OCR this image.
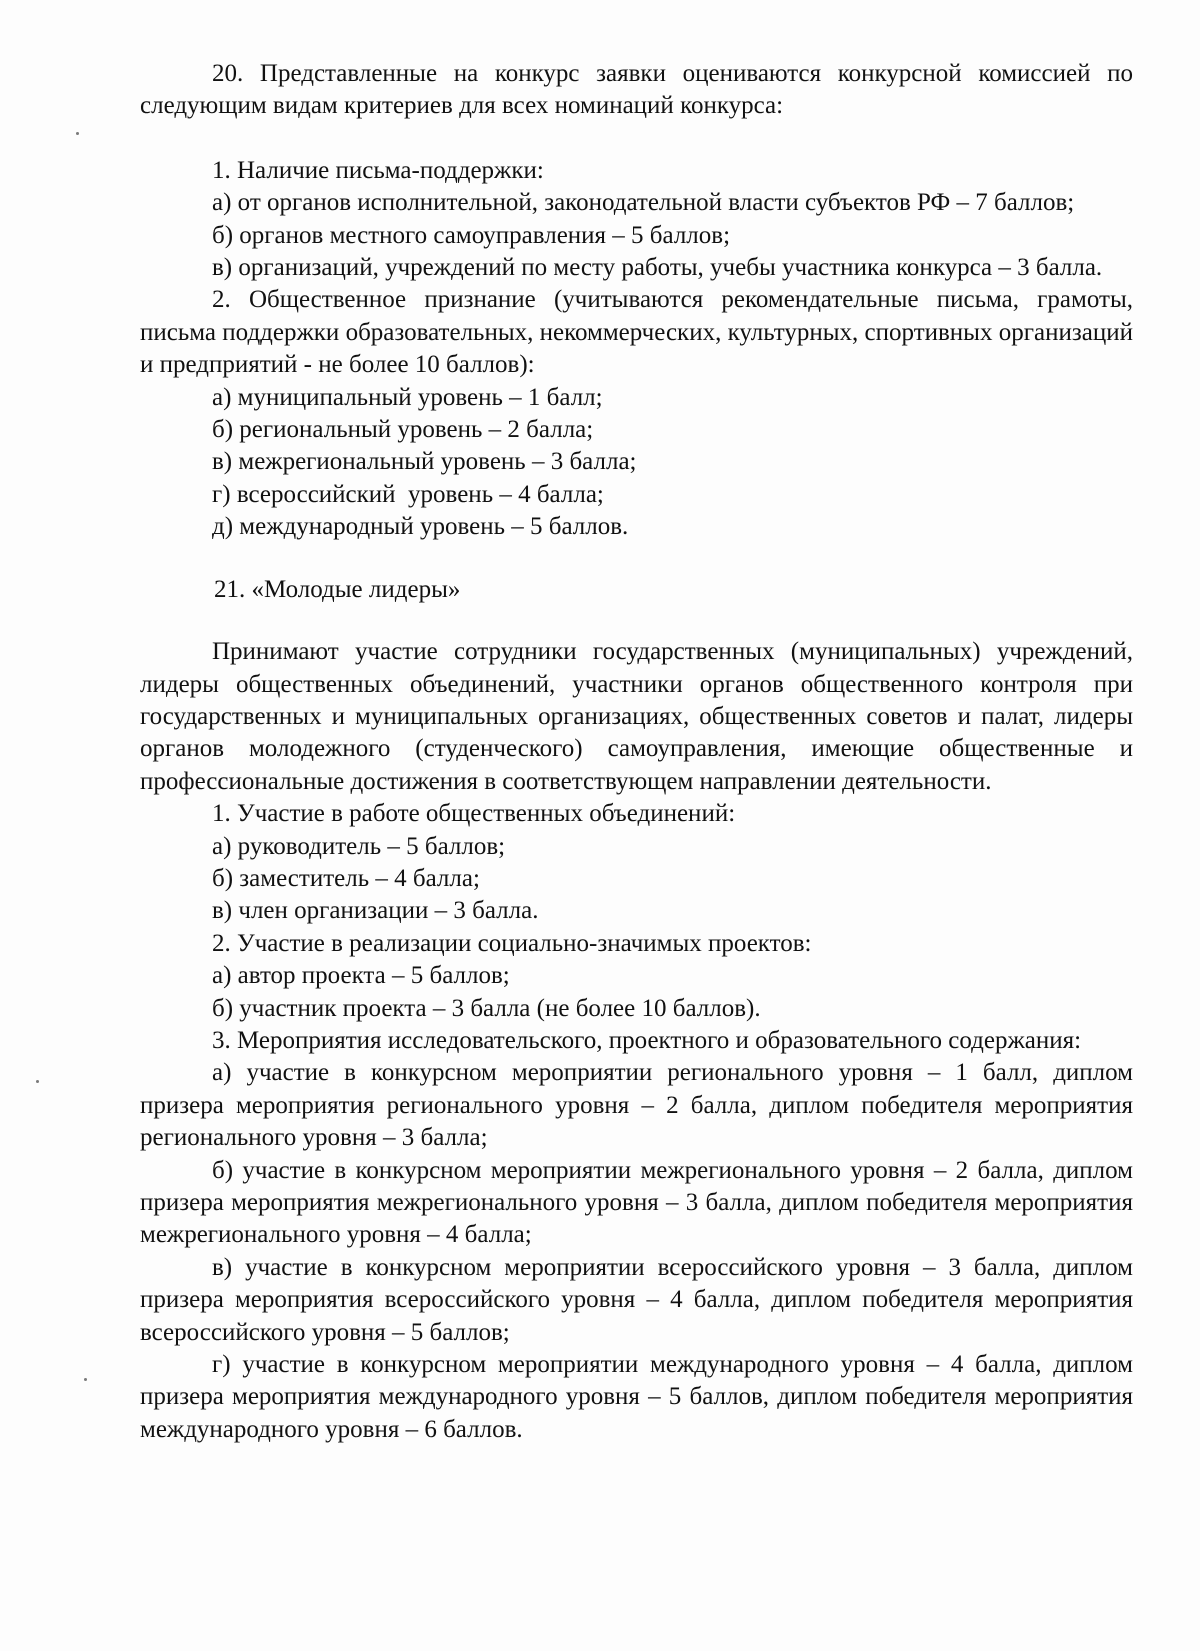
20. Представленные на конкурс заявки оцениваются конкурсной комиссией по следующим видам критериев для всех номинаций конкурса:

1. Наличие письма-поддержки:

а) от органов исполнительной, законодательной власти субъектов РФ – 7 баллов;

б) органов местного самоуправления – 5 баллов;

в) организаций, учреждений по месту работы, учебы участника конкурса – 3 балла.

2. Общественное признание (учитываются рекомендательные письма, грамоты, письма поддержки образовательных, некоммерческих, культурных, спортивных организаций и предприятий - не более 10 баллов):

а) муниципальный уровень – 1 балл;

б) региональный уровень – 2 балла;

в) межрегиональный уровень – 3 балла;

г) всероссийский  уровень – 4 балла;

д) международный уровень – 5 баллов.

21. «Молодые лидеры»

Принимают участие сотрудники государственных (муниципальных) учреждений, лидеры общественных объединений, участники органов общественного контроля при государственных и муниципальных организациях, общественных советов и палат, лидеры органов молодежного (студенческого) самоуправления, имеющие общественные и профессиональные достижения в соответствующем направлении деятельности.

1. Участие в работе общественных объединений:

а) руководитель – 5 баллов;

б) заместитель – 4 балла;

в) член организации – 3 балла.

2. Участие в реализации социально-значимых проектов:

а) автор проекта – 5 баллов;

б) участник проекта – 3 балла (не более 10 баллов).

3. Мероприятия исследовательского, проектного и образовательного содержания:

а) участие в конкурсном мероприятии регионального уровня – 1 балл, диплом призера мероприятия регионального уровня – 2 балла, диплом победителя мероприятия регионального уровня – 3 балла;

б) участие в конкурсном мероприятии межрегионального уровня – 2 балла, диплом призера мероприятия межрегионального уровня – 3 балла, диплом победителя мероприятия межрегионального уровня – 4 балла;

в) участие в конкурсном мероприятии всероссийского уровня – 3 балла, диплом призера мероприятия всероссийского уровня – 4 балла, диплом победителя мероприятия всероссийского уровня – 5 баллов;

г) участие в конкурсном мероприятии международного уровня – 4 балла, диплом призера мероприятия международного уровня – 5 баллов, диплом победителя мероприятия международного уровня – 6 баллов.
